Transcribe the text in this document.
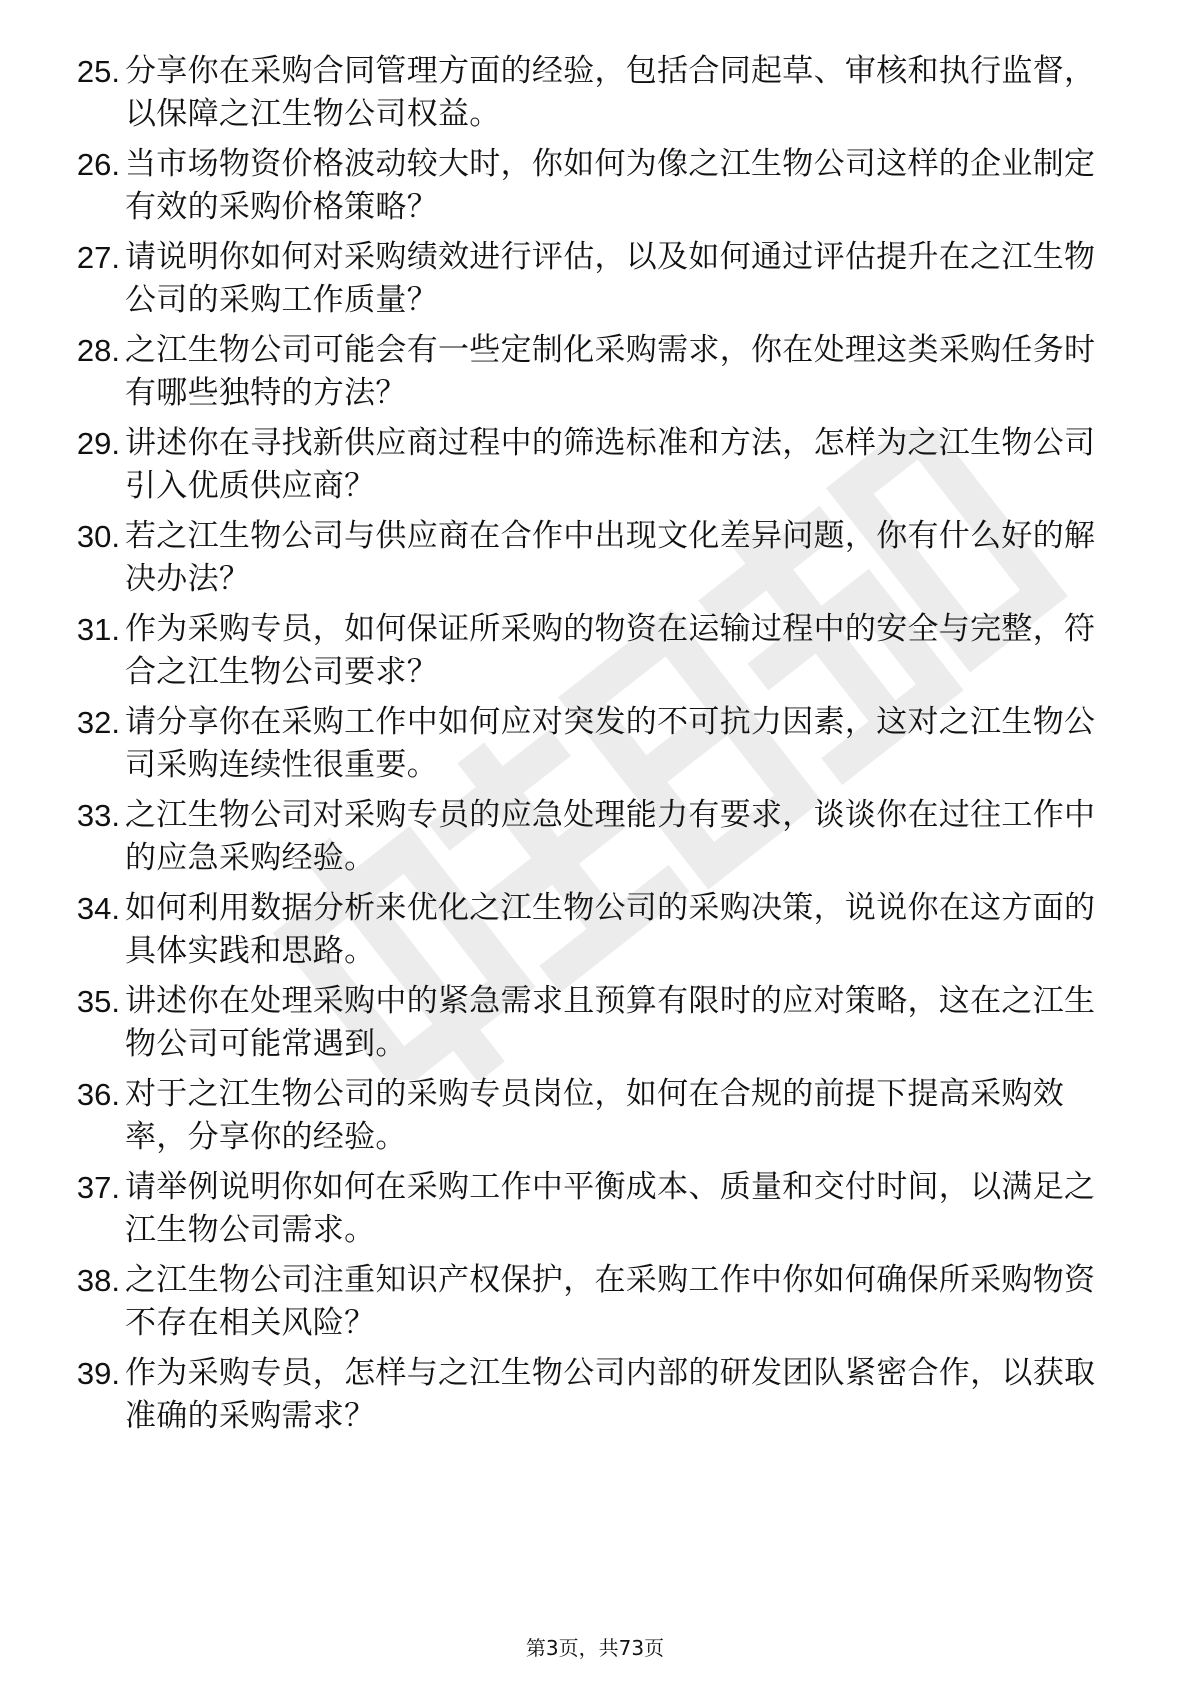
25. 分享你在采购合同管理方面的经验，包括合同起草、审核和执行监督，以保障之江生物公司权益。
26. 当市场物资价格波动较大时，你如何为像之江生物公司这样的企业制定有效的采购价格策略？
27. 请说明你如何对采购绩效进行评估，以及如何通过评估提升在之江生物公司的采购工作质量？
28. 之江生物公司可能会有一些定制化采购需求，你在处理这类采购任务时有哪些独特的方法？
29. 讲述你在寻找新供应商过程中的筛选标准和方法，怎样为之江生物公司引入优质供应商？
30. 若之江生物公司与供应商在合作中出现文化差异问题，你有什么好的解决办法？
31. 作为采购专员，如何保证所采购的物资在运输过程中的安全与完整，符合之江生物公司要求？
32. 请分享你在采购工作中如何应对突发的不可抗力因素，这对之江生物公司采购连续性很重要。
33. 之江生物公司对采购专员的应急处理能力有要求，谈谈你在过往工作中的应急采购经验。
34. 如何利用数据分析来优化之江生物公司的采购决策，说说你在这方面的具体实践和思路。
35. 讲述你在处理采购中的紧急需求且预算有限时的应对策略，这在之江生物公司可能常遇到。
36. 对于之江生物公司的采购专员岗位，如何在合规的前提下提高采购效率，分享你的经验。
37. 请举例说明你如何在采购工作中平衡成本、质量和交付时间，以满足之江生物公司需求。
38. 之江生物公司注重知识产权保护，在采购工作中你如何确保所采购物资不存在相关风险？
39. 作为采购专员，怎样与之江生物公司内部的研发团队紧密合作，以获取准确的采购需求？
第3页，共73页
